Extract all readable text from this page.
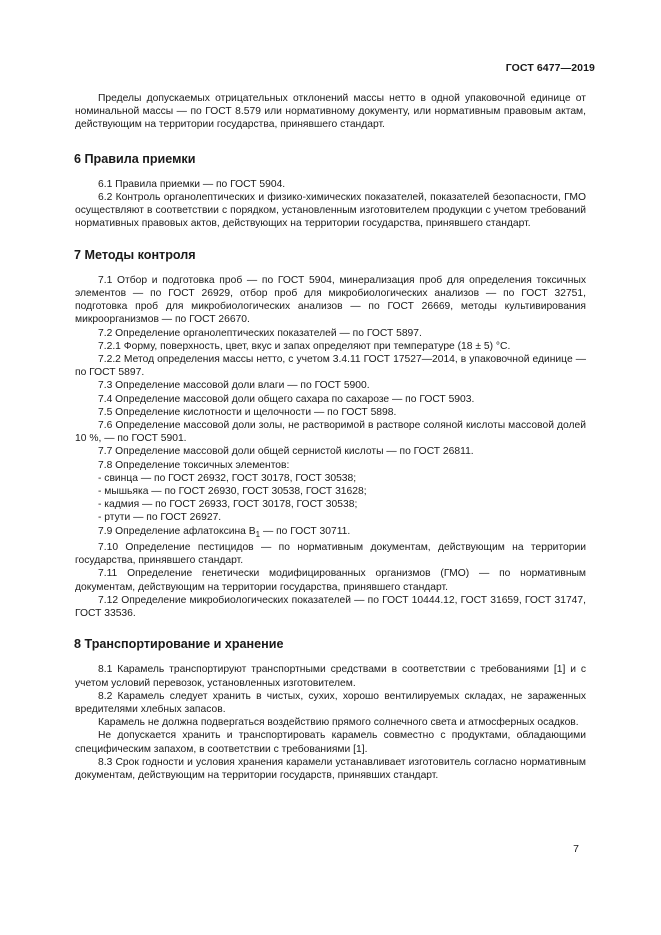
ГОСТ 6477—2019

Пределы допускаемых отрицательных отклонений массы нетто в одной упаковочной единице от номинальной массы — по ГОСТ 8.579 или нормативному документу, или нормативным правовым актам, действующим на территории государства, принявшего стандарт.

6 Правила приемки

6.1 Правила приемки — по ГОСТ 5904.

6.2 Контроль органолептических и физико-химических показателей, показателей безопасности, ГМО осуществляют в соответствии с порядком, установленным изготовителем продукции с учетом требований нормативных правовых актов, действующих на территории государства, принявшего стандарт.

7 Методы контроля

7.1 Отбор и подготовка проб — по ГОСТ 5904, минерализация проб для определения токсичных элементов — по ГОСТ 26929, отбор проб для микробиологических анализов — по ГОСТ 32751, подготовка проб для микробиологических анализов — по ГОСТ 26669, методы культивирования микроорганизмов — по ГОСТ 26670.

7.2 Определение органолептических показателей — по ГОСТ 5897.

7.2.1 Форму, поверхность, цвет, вкус и запах определяют при температуре (18 ± 5) °С.

7.2.2 Метод определения массы нетто, с учетом 3.4.11 ГОСТ 17527—2014, в упаковочной единице — по ГОСТ 5897.

7.3 Определение массовой доли влаги — по ГОСТ 5900.

7.4 Определение массовой доли общего сахара по сахарозе — по ГОСТ 5903.

7.5 Определение кислотности и щелочности — по ГОСТ 5898.

7.6 Определение массовой доли золы, не растворимой в растворе соляной кислоты массовой долей 10 %, — по ГОСТ 5901.

7.7 Определение массовой доли общей сернистой кислоты — по ГОСТ 26811.

7.8 Определение токсичных элементов:

- свинца — по ГОСТ 26932, ГОСТ 30178, ГОСТ 30538;

- мышьяка — по ГОСТ 26930, ГОСТ 30538, ГОСТ 31628;

- кадмия — по ГОСТ 26933, ГОСТ 30178, ГОСТ 30538;

- ртути — по ГОСТ 26927.

7.9 Определение афлатоксина $В_1$ — по ГОСТ 30711.

7.10 Определение пестицидов — по нормативным документам, действующим на территории государства, принявшего стандарт.

7.11 Определение генетически модифицированных организмов (ГМО) — по нормативным документам, действующим на территории государства, принявшего стандарт.

7.12 Определение микробиологических показателей — по ГОСТ 10444.12, ГОСТ 31659, ГОСТ 31747, ГОСТ 33536.

8 Транспортирование и хранение

8.1 Карамель транспортируют транспортными средствами в соответствии с требованиями [1] и с учетом условий перевозок, установленных изготовителем.

8.2 Карамель следует хранить в чистых, сухих, хорошо вентилируемых складах, не зараженных вредителями хлебных запасов.

Карамель не должна подвергаться воздействию прямого солнечного света и атмосферных осадков.

Не допускается хранить и транспортировать карамель совместно с продуктами, обладающими специфическим запахом, в соответствии с требованиями [1].

8.3 Срок годности и условия хранения карамели устанавливает изготовитель согласно нормативным документам, действующим на территории государств, принявших стандарт.

7
